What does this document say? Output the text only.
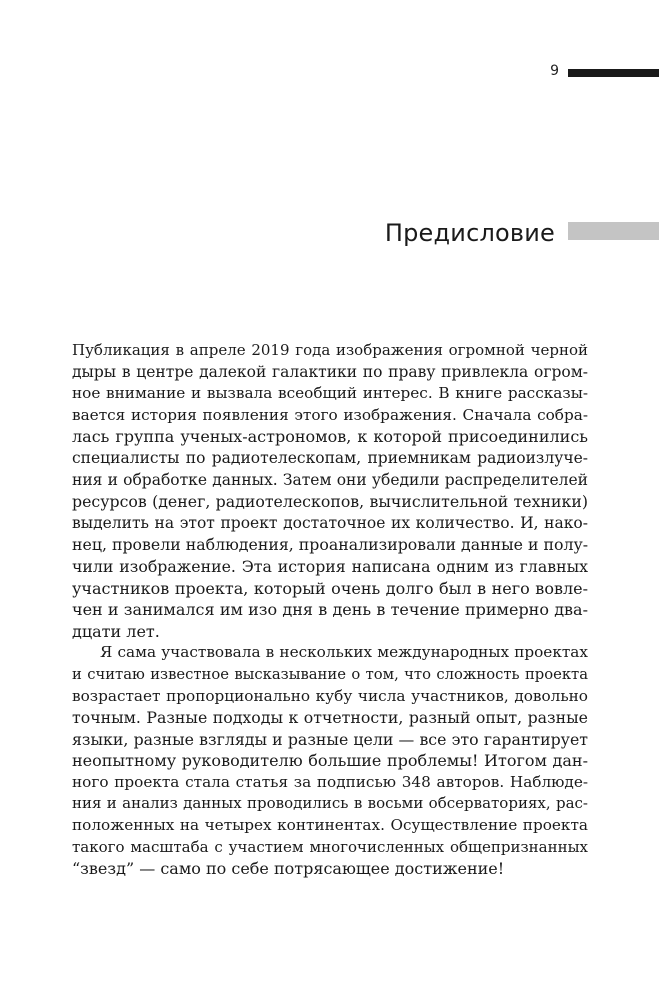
9
Предисловие
Публикация в апреле 2019 года изображения огромной черной
дыры в центре далекой галактики по праву привлекла огром-
ное внимание и вызвала всеобщий интерес. В книге рассказы-
вается история появления этого изображения. Сначала собра-
лась группа ученых-астрономов, к которой присоединились
специалисты по радиотелескопам, приемникам радиоизлуче-
ния и обработке данных. Затем они убедили распределителей
ресурсов (денег, радиотелескопов, вычислительной техники)
выделить на этот проект достаточное их количество. И, нако-
нец, провели наблюдения, проанализировали данные и полу-
чили изображение. Эта история написана одним из главных
участников проекта, который очень долго был в него вовле-
чен и занимался им изо дня в день в течение примерно два-
дцати лет.
Я сама участвовала в нескольких международных проектах
и считаю известное высказывание о том, что сложность проекта
возрастает пропорционально кубу числа участников, довольно
точным. Разные подходы к отчетности, разный опыт, разные
языки, разные взгляды и разные цели — все это гарантирует
неопытному руководителю большие проблемы! Итогом дан-
ного проекта стала статья за подписью 348 авторов. Наблюде-
ния и анализ данных проводились в восьми обсерваториях, рас-
положенных на четырех континентах. Осуществление проекта
такого масштаба с участием многочисленных общепризнанных
“звезд” — само по себе потрясающее достижение!
